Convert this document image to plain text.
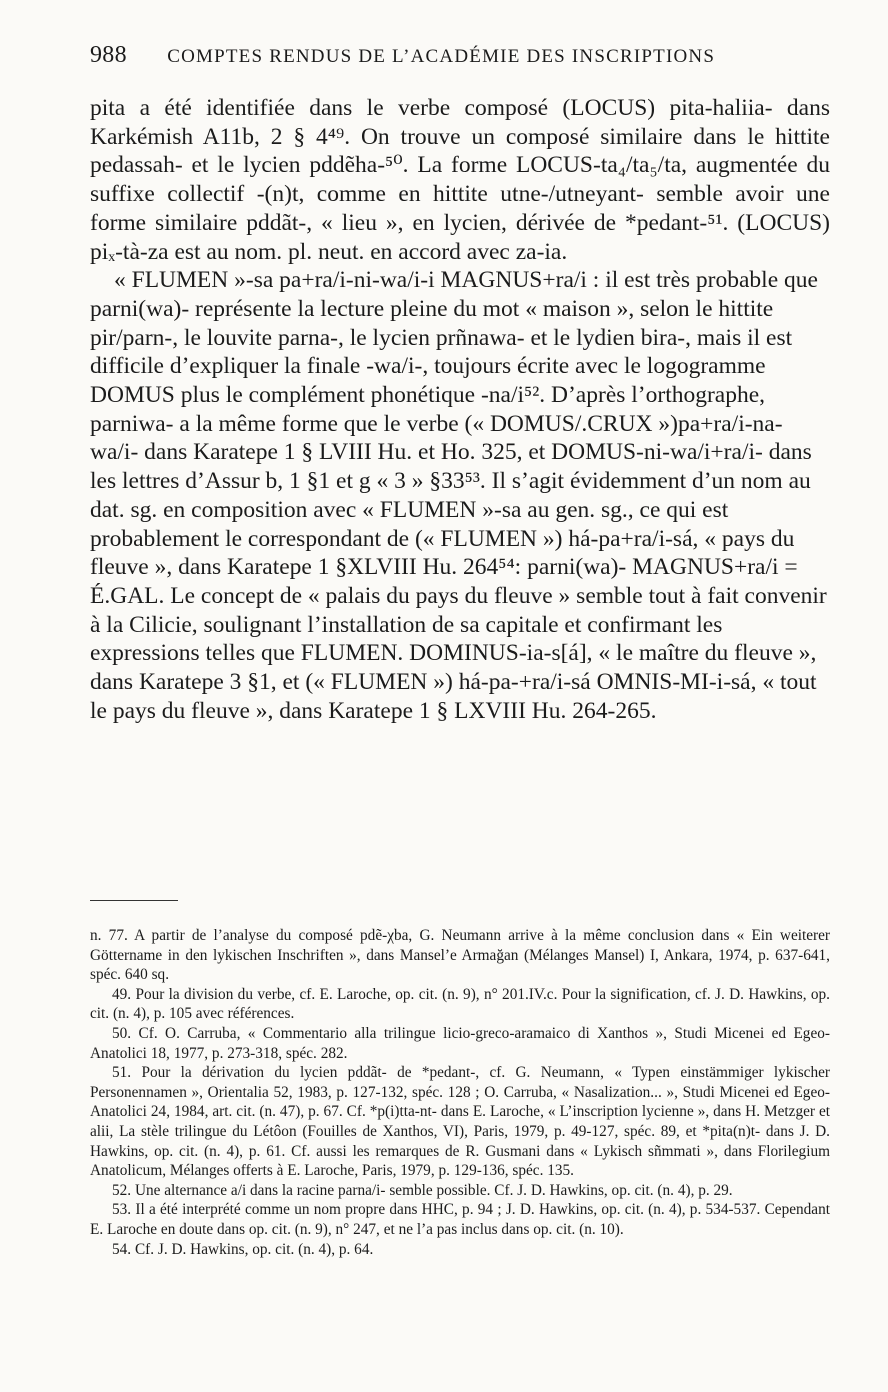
988 COMPTES RENDUS DE L’ACADÉMIE DES INSCRIPTIONS

pita a été identifiée dans le verbe composé (LOCUS) pita-haliia- dans Karkémish A11b, 2 § 4⁴⁹. On trouve un composé similaire dans le hittite pedassah- et le lycien pddẽha-⁵⁰. La forme LOCUS-ta₄/ta₅/ta, augmentée du suffixe collectif -(n)t, comme en hittite utne-/utneyant- semble avoir une forme similaire pddãt-, « lieu », en lycien, dérivée de *pedant-⁵¹. (LOCUS) piₓ-tà-za est au nom. pl. neut. en accord avec za-ia.

« FLUMEN »-sa pa+ra/i-ni-wa/i-i MAGNUS+ra/i : il est très probable que parni(wa)- représente la lecture pleine du mot « maison », selon le hittite pir/parn-, le louvite parna-, le lycien prñnawa- et le lydien bira-, mais il est difficile d’expliquer la finale -wa/i-, toujours écrite avec le logogramme DOMUS plus le complément phonétique -na/i⁵². D’après l’orthographe, parniwa- a la même forme que le verbe (« DOMUS/.CRUX »)pa+ra/i-na-wa/i- dans Karatepe 1 § LVIII Hu. et Ho. 325, et DOMUS-ni-wa/i+ra/i- dans les lettres d’Assur b, 1 §1 et g « 3 » §33⁵³. Il s’agit évidemment d’un nom au dat. sg. en composition avec « FLUMEN »-sa au gen. sg., ce qui est probablement le correspondant de (« FLUMEN ») há-pa+ra/i-sá, « pays du fleuve », dans Karatepe 1 §XLVIII Hu. 264⁵⁴: parni(wa)- MAGNUS+ra/i = É.GAL. Le concept de « palais du pays du fleuve » semble tout à fait convenir à la Cilicie, soulignant l’installation de sa capitale et confirmant les expressions telles que FLUMEN. DOMINUS-ia-s[á], « le maître du fleuve », dans Karatepe 3 §1, et (« FLUMEN ») há-pa-+ra/i-sá OMNIS-MI-i-sá, « tout le pays du fleuve », dans Karatepe 1 § LXVIII Hu. 264-265.

n. 77. A partir de l’analyse du composé pdẽ-χba, G. Neumann arrive à la même conclusion dans « Ein weiterer Göttername in den lykischen Inschriften », dans Mansel’e Armağan (Mélanges Mansel) I, Ankara, 1974, p. 637-641, spéc. 640 sq.

49. Pour la division du verbe, cf. E. Laroche, op. cit. (n. 9), n° 201.IV.c. Pour la signification, cf. J. D. Hawkins, op. cit. (n. 4), p. 105 avec références.

50. Cf. O. Carruba, « Commentario alla trilingue licio-greco-aramaico di Xanthos », Studi Micenei ed Egeo-Anatolici 18, 1977, p. 273-318, spéc. 282.

51. Pour la dérivation du lycien pddãt- de *pedant-, cf. G. Neumann, « Typen einstämmiger lykischer Personennamen », Orientalia 52, 1983, p. 127-132, spéc. 128 ; O. Carruba, « Nasalization... », Studi Micenei ed Egeo-Anatolici 24, 1984, art. cit. (n. 47), p. 67. Cf. *p(i)tta-nt- dans E. Laroche, « L’inscription lycienne », dans H. Metzger et alii, La stèle trilingue du Létôon (Fouilles de Xanthos, VI), Paris, 1979, p. 49-127, spéc. 89, et *pita(n)t- dans J. D. Hawkins, op. cit. (n. 4), p. 61. Cf. aussi les remarques de R. Gusmani dans « Lykisch sñmmati », dans Florilegium Anatolicum, Mélanges offerts à E. Laroche, Paris, 1979, p. 129-136, spéc. 135.

52. Une alternance a/i dans la racine parna/i- semble possible. Cf. J. D. Hawkins, op. cit. (n. 4), p. 29.

53. Il a été interprété comme un nom propre dans HHC, p. 94 ; J. D. Hawkins, op. cit. (n. 4), p. 534-537. Cependant E. Laroche en doute dans op. cit. (n. 9), n° 247, et ne l’a pas inclus dans op. cit. (n. 10).

54. Cf. J. D. Hawkins, op. cit. (n. 4), p. 64.
